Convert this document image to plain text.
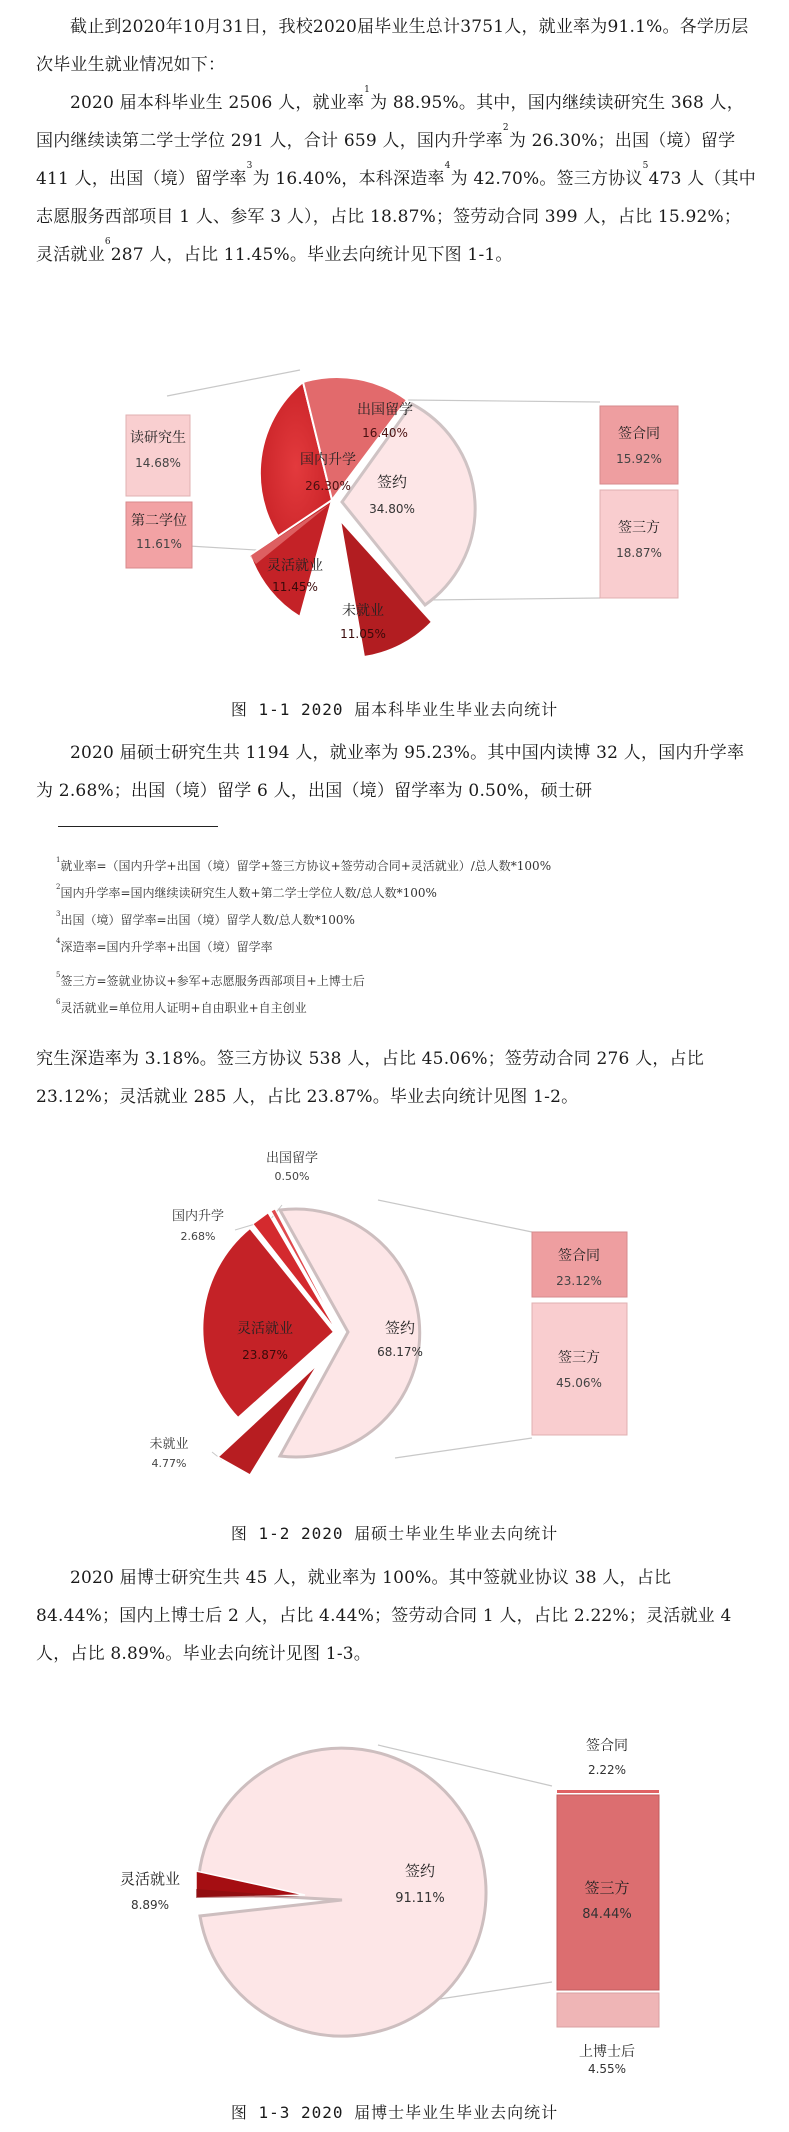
截止到2020年10月31日，我校2020届毕业生总计3751人，就业率为91.1%。各学历层次毕业生就业情况如下：
2020 届本科毕业生 2506 人，就业率$^1$为 88.95%。其中，国内继续读研究生 368 人，国内继续读第二学士学位 291 人，合计 659 人，国内升学率$^2$为 26.30%；出国（境）留学 411 人，出国（境）留学率$^3$为 16.40%，本科深造率$^4$为 42.70%。签三方协议$^5$473 人（其中志愿服务西部项目 1 人、参军 3 人），占比 18.87%；签劳动合同 399 人，占比 15.92%；灵活就业$^6$287 人，占比 11.45%。毕业去向统计见下图 1-1。
国内升学
26.30%
出国留学
16.40%
签约
34.80%
未就业
11.05%
灵活就业
11.45%
读研究生
14.68%
第二学位
11.61%
签合同
15.92%
签三方
18.87%
图 1-1 2020 届本科毕业生毕业去向统计
2020 届硕士研究生共 1194 人，就业率为 95.23%。其中国内读博 32 人，国内升学率为 2.68%；出国（境）留学 6 人，出国（境）留学率为 0.50%，硕士研
$^1$就业率=（国内升学+出国（境）留学+签三方协议+签劳动合同+灵活就业）/总人数*100%
$^2$国内升学率=国内继续读研究生人数+第二学士学位人数/总人数*100%
$^3$出国（境）留学率=出国（境）留学人数/总人数*100%
$^4$深造率=国内升学率+出国（境）留学率
$^5$签三方=签就业协议+参军+志愿服务西部项目+上博士后
$^6$灵活就业=单位用人证明+自由职业+自主创业
究生深造率为 3.18%。签三方协议 538 人，占比 45.06%；签劳动合同 276 人，占比 23.12%；灵活就业 285 人，占比 23.87%。毕业去向统计见图 1-2。
出国留学
0.50%
国内升学
2.68%
灵活就业
23.87%
签约
68.17%
未就业
4.77%
签合同
23.12%
签三方
45.06%
图 1-2 2020 届硕士毕业生毕业去向统计
2020 届博士研究生共 45 人，就业率为 100%。其中签就业协议 38 人，占比 84.44%；国内上博士后 2 人，占比 4.44%；签劳动合同 1 人，占比 2.22%；灵活就业 4 人，占比 8.89%。毕业去向统计见图 1-3。
灵活就业
8.89%
签约
91.11%
签合同
2.22%
签三方
84.44%
上博士后
4.55%
图 1-3 2020 届博士毕业生毕业去向统计
